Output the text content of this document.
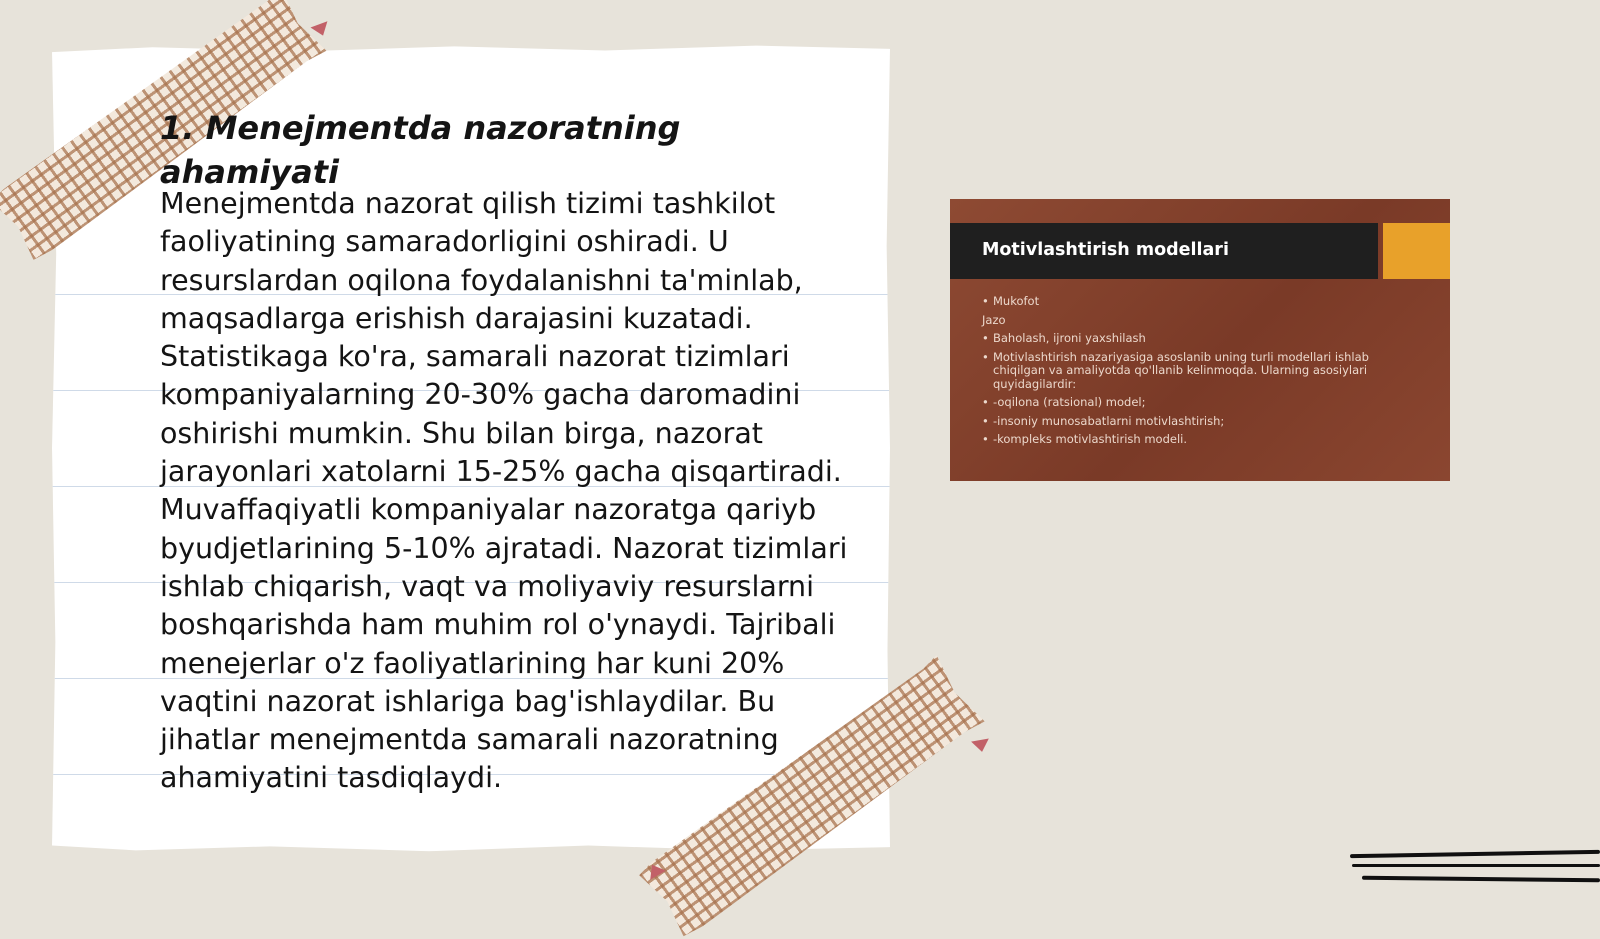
1. Menejmentda nazoratning ahamiyati

Menejmentda nazorat qilish tizimi tashkilot faoliyatining samaradorligini oshiradi. U resurslardan oqilona foydalanishni ta'minlab, maqsadlarga erishish darajasini kuzatadi. Statistikaga ko'ra, samarali nazorat tizimlari kompaniyalarning 20-30% gacha daromadini oshirishi mumkin. Shu bilan birga, nazorat jarayonlari xatolarni 15-25% gacha qisqartiradi. Muvaffaqiyatli kompaniyalar nazoratga qariyb byudjetlarining 5-10% ajratadi. Nazorat tizimlari ishlab chiqarish, vaqt va moliyaviy resurslarni boshqarishda ham muhim rol o'ynaydi. Tajribali menejerlar o'z faoliyatlarining har kuni 20% vaqtini nazorat ishlariga bag'ishlaydilar. Bu jihatlar menejmentda samarali nazoratning ahamiyatini tasdiqlaydi.

Motivlashtirish modellari
• Mukofot
Jazo
• Baholash, ijroni yaxshilash
• Motivlashtirish nazariyasiga asoslanib uning turli modellari ishlab chiqilgan va amaliyotda qo'llanib kelinmoqda. Ularning asosiylari quyidagilardir:
• -oqilona (ratsional) model;
• -insoniy munosabatlarni motivlashtirish;
• -kompleks motivlashtirish modeli.
